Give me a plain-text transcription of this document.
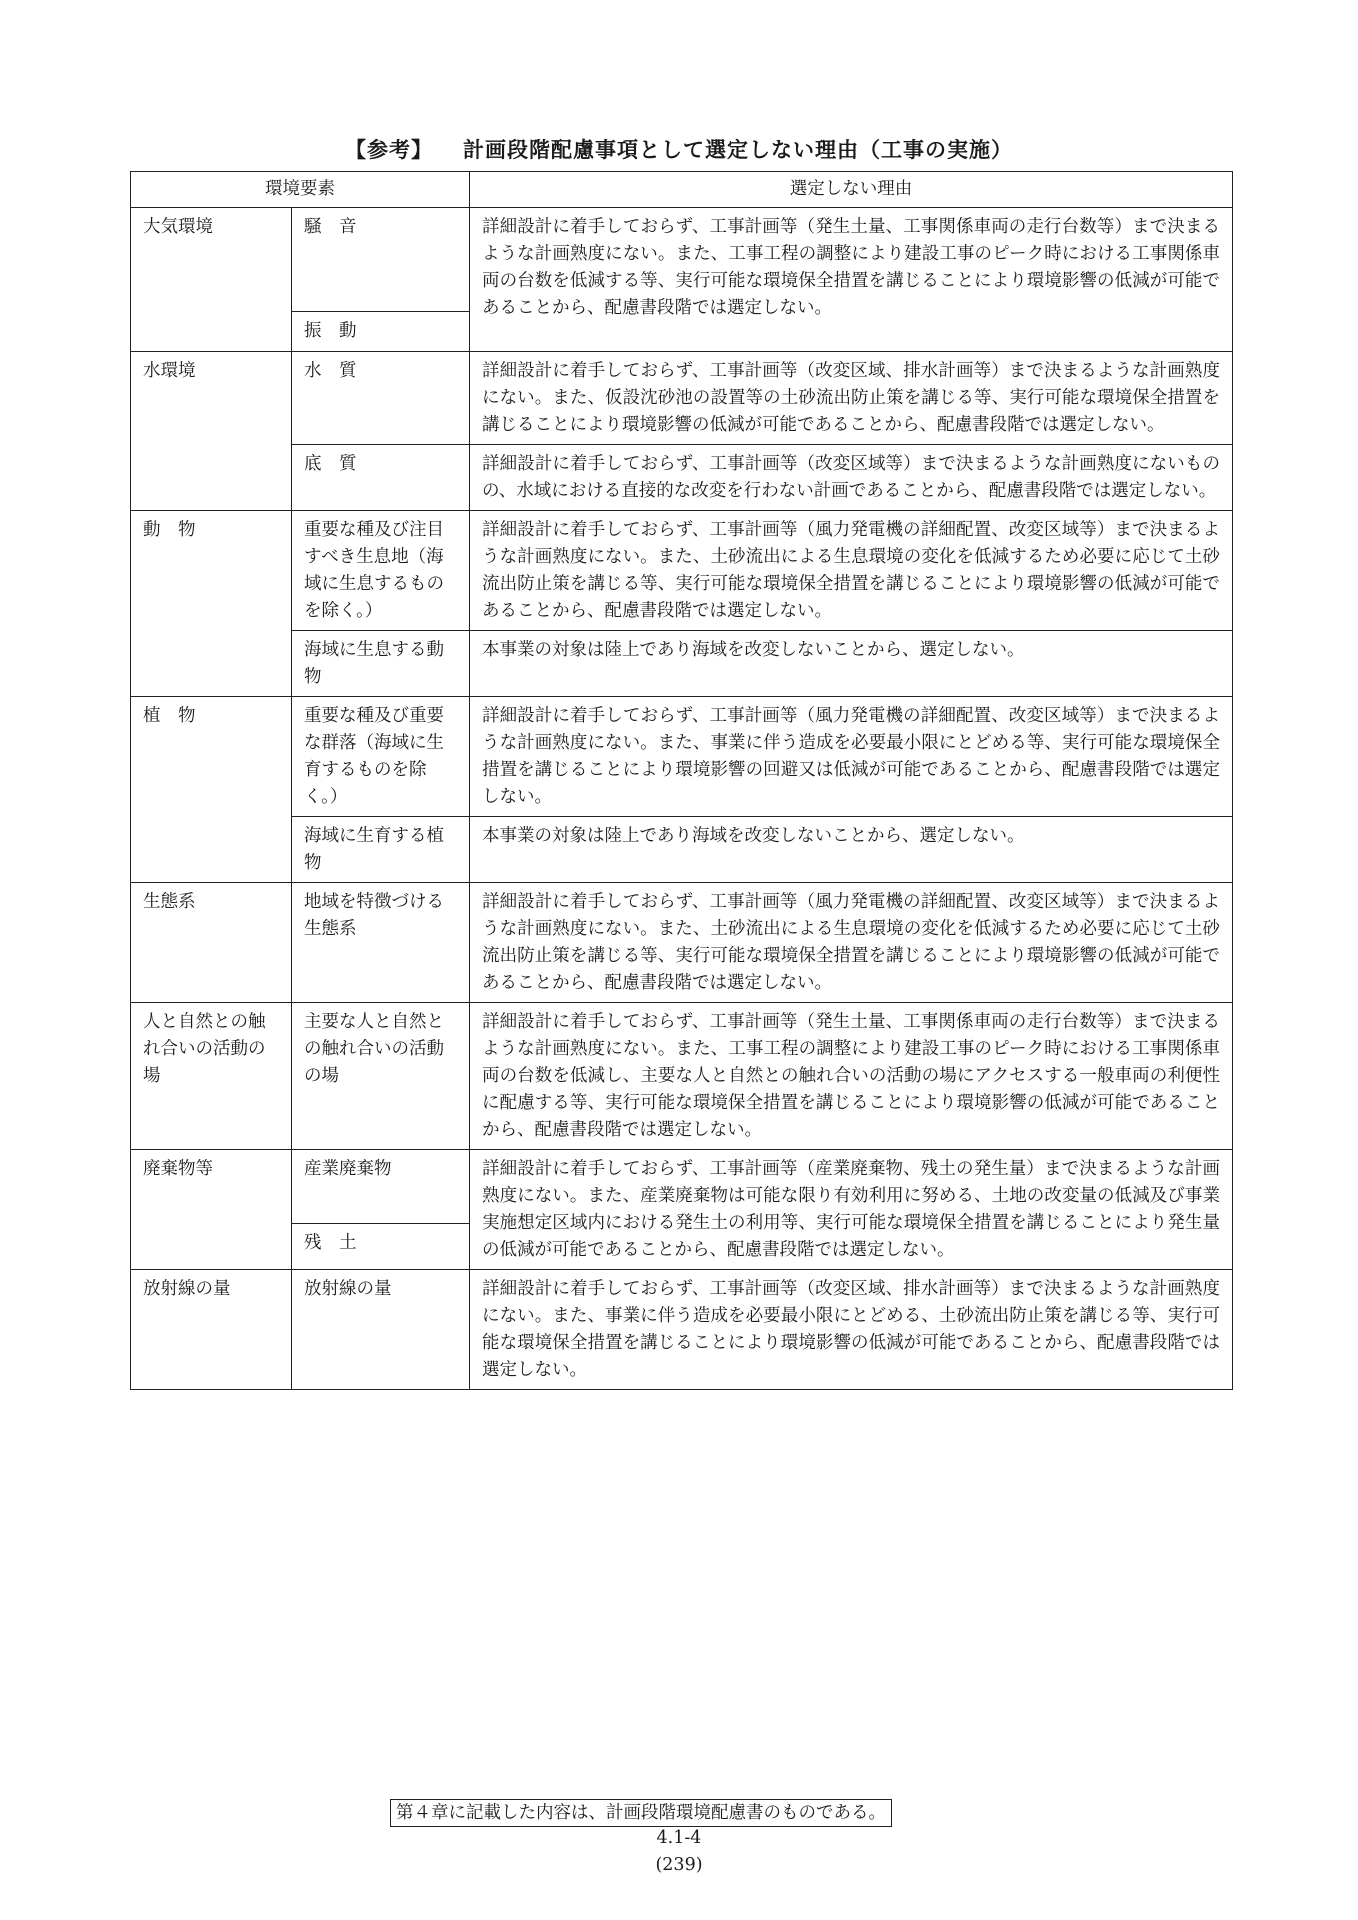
【参考】 計画段階配慮事項として選定しない理由（工事の実施）
環境要素		選定しない理由
大気環境	騒　音	詳細設計に着手しておらず、工事計画等（発生土量、工事関係車両の走行台数等）まで決まるような計画熟度にない。また、工事工程の調整により建設工事のピーク時における工事関係車両の台数を低減する等、実行可能な環境保全措置を講じることにより環境影響の低減が可能であることから、配慮書段階では選定しない。
	振　動	
水環境	水　質	詳細設計に着手しておらず、工事計画等（改変区域、排水計画等）まで決まるような計画熟度にない。また、仮設沈砂池の設置等の土砂流出防止策を講じる等、実行可能な環境保全措置を講じることにより環境影響の低減が可能であることから、配慮書段階では選定しない。
	底　質	詳細設計に着手しておらず、工事計画等（改変区域等）まで決まるような計画熟度にないものの、水域における直接的な改変を行わない計画であることから、配慮書段階では選定しない。
動　物	重要な種及び注目すべき生息地（海域に生息するものを除く。）	詳細設計に着手しておらず、工事計画等（風力発電機の詳細配置、改変区域等）まで決まるような計画熟度にない。また、土砂流出による生息環境の変化を低減するため必要に応じて土砂流出防止策を講じる等、実行可能な環境保全措置を講じることにより環境影響の低減が可能であることから、配慮書段階では選定しない。
	海域に生息する動物	本事業の対象は陸上であり海域を改変しないことから、選定しない。
植　物	重要な種及び重要な群落（海域に生育するものを除く。）	詳細設計に着手しておらず、工事計画等（風力発電機の詳細配置、改変区域等）まで決まるような計画熟度にない。また、事業に伴う造成を必要最小限にとどめる等、実行可能な環境保全措置を講じることにより環境影響の回避又は低減が可能であることから、配慮書段階では選定しない。
	海域に生育する植物	本事業の対象は陸上であり海域を改変しないことから、選定しない。
生態系	地域を特徴づける生態系	詳細設計に着手しておらず、工事計画等（風力発電機の詳細配置、改変区域等）まで決まるような計画熟度にない。また、土砂流出による生息環境の変化を低減するため必要に応じて土砂流出防止策を講じる等、実行可能な環境保全措置を講じることにより環境影響の低減が可能であることから、配慮書段階では選定しない。
人と自然との触れ合いの活動の場	主要な人と自然との触れ合いの活動の場	詳細設計に着手しておらず、工事計画等（発生土量、工事関係車両の走行台数等）まで決まるような計画熟度にない。また、工事工程の調整により建設工事のピーク時における工事関係車両の台数を低減し、主要な人と自然との触れ合いの活動の場にアクセスする一般車両の利便性に配慮する等、実行可能な環境保全措置を講じることにより環境影響の低減が可能であることから、配慮書段階では選定しない。
廃棄物等	産業廃棄物	詳細設計に着手しておらず、工事計画等（産業廃棄物、残土の発生量）まで決まるような計画熟度にない。また、産業廃棄物は可能な限り有効利用に努める、土地の改変量の低減及び事業実施想定区域内における発生土の利用等、実行可能な環境保全措置を講じることにより発生量の低減が可能であることから、配慮書段階では選定しない。
	残　土	
放射線の量	放射線の量	詳細設計に着手しておらず、工事計画等（改変区域、排水計画等）まで決まるような計画熟度にない。また、事業に伴う造成を必要最小限にとどめる、土砂流出防止策を講じる等、実行可能な環境保全措置を講じることにより環境影響の低減が可能であることから、配慮書段階では選定しない。
第４章に記載した内容は、計画段階環境配慮書のものである。
4.1-4
(239)
